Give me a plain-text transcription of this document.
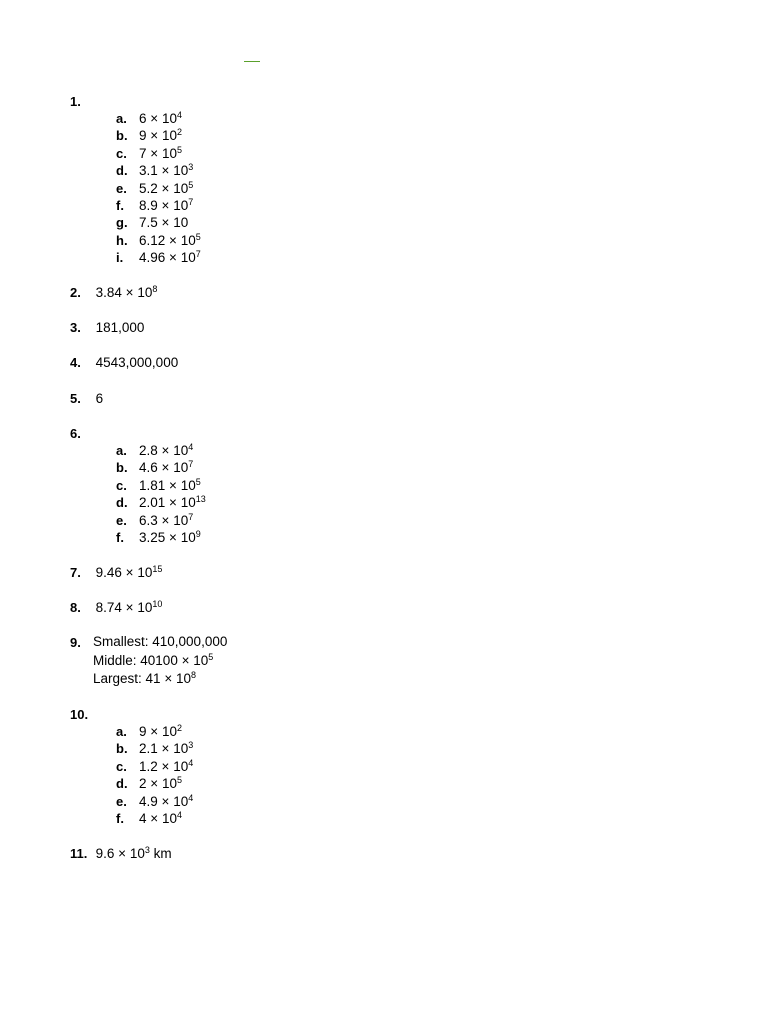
1.
a. $6 \times 10^4$
b. $9 \times 10^2$
c. $7 \times 10^5$
d. $3.1 \times 10^3$
e. $5.2 \times 10^5$
f. $8.9 \times 10^7$
g. 7.5 × 10
h. $6.12 \times 10^5$
i. $4.96 \times 10^7$
2. $3.84 \times 10^8$
3. 181,000
4. 4543,000,000
5. 6
6.
a. $2.8 \times 10^4$
b. $4.6 \times 10^7$
c. $1.81 \times 10^5$
d. $2.01 \times 10^{13}$
e. $6.3 \times 10^7$
f. $3.25 \times 10^9$
7. $9.46 \times 10^{15}$
8. $8.74 \times 10^{10}$
9. Smallest: 410,000,000
Middle: $40100 \times 10^5$
Largest: $41 \times 10^8$
10.
a. $9 \times 10^2$
b. $2.1 \times 10^3$
c. $1.2 \times 10^4$
d. $2 \times 10^5$
e. $4.9 \times 10^4$
f. $4 \times 10^4$
11. $9.6 \times 10^3$ km
